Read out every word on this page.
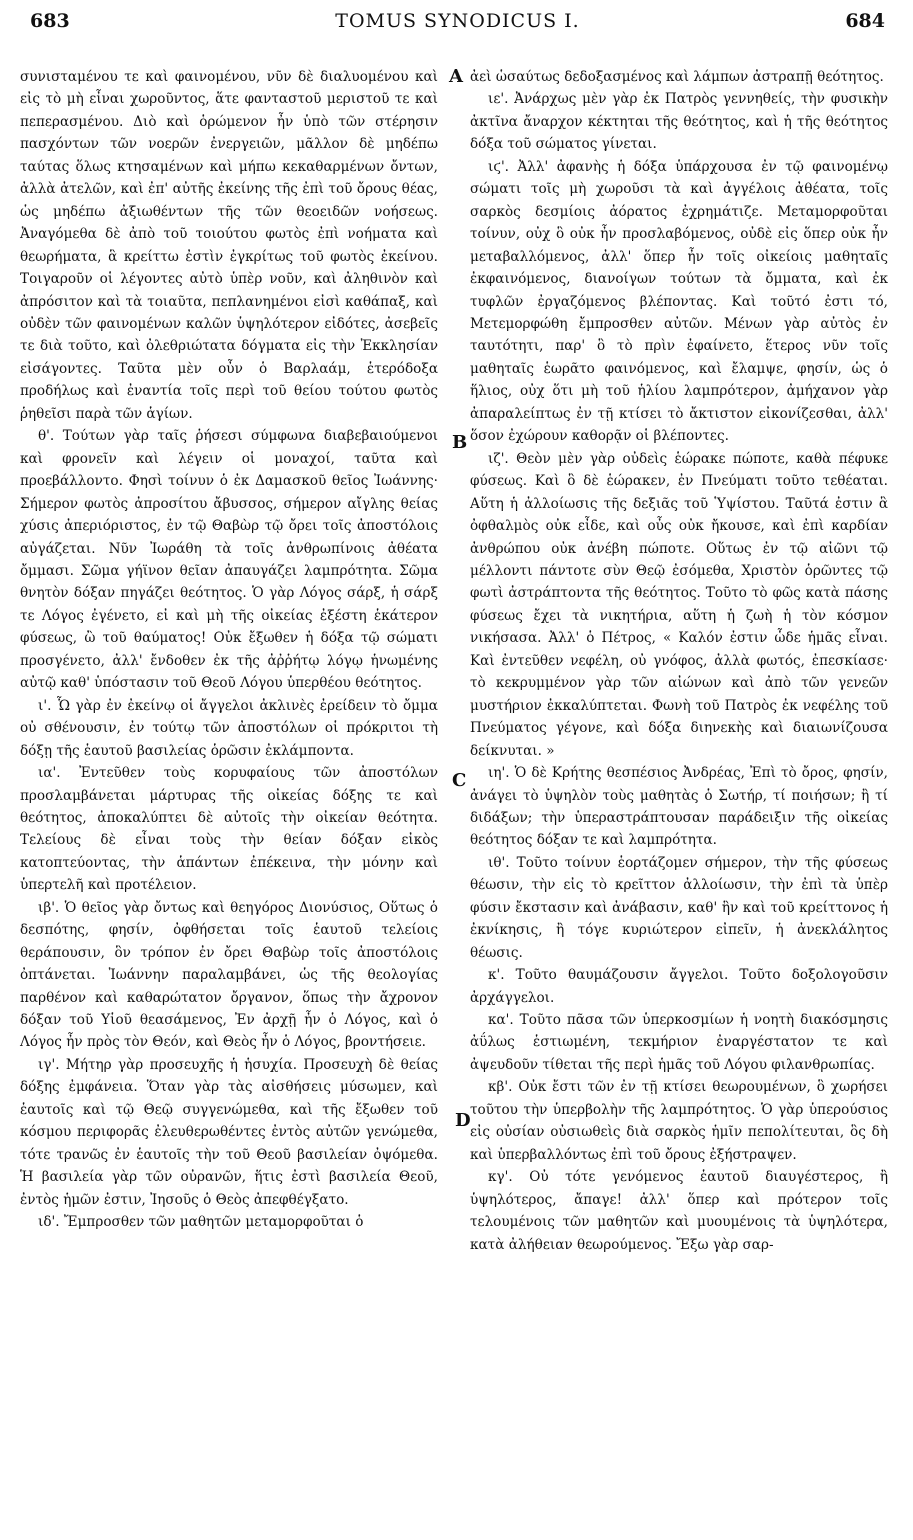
683	TOMUS SYNODICUS I.	684

συνισταμένου τε καὶ φαινομένου, νῦν δὲ διαλυομένου καὶ εἰς τὸ μὴ εἶναι χωροῦντος, ἅτε φανταστοῦ μεριστοῦ τε καὶ πεπερασμένου. Διὸ καὶ ὁρώμενον ἦν ὑπὸ τῶν στέρησιν πασχόντων τῶν νοερῶν ἐνεργειῶν, μᾶλλον δὲ μηδέπω ταύτας ὅλως κτησαμένων καὶ μήπω κεκαθαρμένων ὄντων, ἀλλὰ ἀτελῶν, καὶ ἐπ' αὐτῆς ἐκείνης τῆς ἐπὶ τοῦ ὄρους θέας, ὡς μηδέπω ἀξιωθέντων τῆς τῶν θεοειδῶν νοήσεως. Ἀναγόμεθα δὲ ἀπὸ τοῦ τοιούτου φωτὸς ἐπὶ νοήματα καὶ θεωρήματα, ἃ κρείττω ἐστὶν ἐγκρίτως τοῦ φωτὸς ἐκείνου. Τοιγαροῦν οἱ λέγοντες αὐτὸ ὑπὲρ νοῦν, καὶ ἀληθινὸν καὶ ἀπρόσιτον καὶ τὰ τοιαῦτα, πεπλανημένοι εἰσὶ καθάπαξ, καὶ οὐδὲν τῶν φαινομένων καλῶν ὑψηλότερον εἰδότες, ἀσεβεῖς τε διὰ τοῦτο, καὶ ὀλεθριώτατα δόγματα εἰς τὴν Ἐκκλησίαν εἰσάγοντες. Ταῦτα μὲν οὖν ὁ Βαρλαάμ, ἑτερόδοξα προδήλως καὶ ἐναντία τοῖς περὶ τοῦ θείου τούτου φωτὸς ῥηθεῖσι παρὰ τῶν ἁγίων.

θ'. Τούτων γὰρ ταῖς ῥήσεσι σύμφωνα διαβεβαιούμενοι καὶ φρονεῖν καὶ λέγειν οἱ μοναχοί, ταῦτα καὶ προεβάλλοντο. Φησὶ τοίνυν ὁ ἐκ Δαμασκοῦ θεῖος Ἰωάννης· Σήμερον φωτὸς ἀπροσίτου ἄβυσσος, σήμερον αἴγλης θείας χύσις ἀπεριόριστος, ἐν τῷ Θαβὼρ τῷ ὄρει τοῖς ἀποστόλοις αὐγάζεται. Νῦν Ἰωράθη τὰ τοῖς ἀνθρωπίνοις ἀθέατα ὄμμασι. Σῶμα γήϊνον θεῖαν ἀπαυγάζει λαμπρότητα. Σῶμα θνητὸν δόξαν πηγάζει θεότητος. Ὁ γὰρ Λόγος σάρξ, ἡ σάρξ τε Λόγος ἐγένετο, εἰ καὶ μὴ τῆς οἰκείας ἐξέστη ἑκάτερον φύσεως, ὢ τοῦ θαύματος! Οὐκ ἔξωθεν ἡ δόξα τῷ σώματι προσγένετο, ἀλλ' ἔνδοθεν ἐκ τῆς ἀῤῥήτῳ λόγῳ ἡνωμένης αὐτῷ καθ' ὑπόστασιν τοῦ Θεοῦ Λόγου ὑπερθέου θεότητος.

ι'. Ὧ γὰρ ἐν ἐκείνῳ οἱ ἄγγελοι ἀκλινὲς ἐρείδειν τὸ ὄμμα οὐ σθένουσιν, ἐν τούτῳ τῶν ἀποστόλων οἱ πρόκριτοι τὴ δόξῃ τῆς ἑαυτοῦ βασιλείας ὁρῶσιν ἐκλάμποντα.

ια'. Ἐντεῦθεν τοὺς κορυφαίους τῶν ἀποστόλων προσλαμβάνεται μάρτυρας τῆς οἰκείας δόξης τε καὶ θεότητος, ἀποκαλύπτει δὲ αὐτοῖς τὴν οἰκείαν θεότητα. Τελείους δὲ εἶναι τοὺς τὴν θείαν δόξαν εἰκὸς κατοπτεύοντας, τὴν ἁπάντων ἐπέκεινα, τὴν μόνην καὶ ὑπερτελῆ καὶ προτέλειον.

ιβ'. Ὁ θεῖος γὰρ ὄντως καὶ θεηγόρος Διονύσιος, Οὕτως ὁ δεσπότης, φησίν, ὀφθήσεται τοῖς ἑαυτοῦ τελείοις θεράπουσιν, ὃν τρόπον ἐν ὄρει Θαβὼρ τοῖς ἀποστόλοις ὀπτάνεται. Ἰωάννην παραλαμβάνει, ὡς τῆς θεολογίας παρθένον καὶ καθαρώτατον ὄργανον, ὅπως τὴν ἄχρονον δόξαν τοῦ Υἱοῦ θεασάμενος, Ἐν ἀρχῇ ἦν ὁ Λόγος, καὶ ὁ Λόγος ἦν πρὸς τὸν Θεόν, καὶ Θεὸς ἦν ὁ Λόγος, βροντήσειε.

ιγ'. Μήτηρ γὰρ προσευχῆς ἡ ἡσυχία. Προσευχὴ δὲ θείας δόξης ἐμφάνεια. Ὅταν γὰρ τὰς αἰσθήσεις μύσωμεν, καὶ ἑαυτοῖς καὶ τῷ Θεῷ συγγενώμεθα, καὶ τῆς ἔξωθεν τοῦ κόσμου περιφορᾶς ἐλευθερωθέντες ἐντὸς αὐτῶν γενώμεθα, τότε τρανῶς ἐν ἑαυτοῖς τὴν τοῦ Θεοῦ βασιλείαν ὀψόμεθα. Ἡ βασιλεία γὰρ τῶν οὐρανῶν, ἥτις ἐστὶ βασιλεία Θεοῦ, ἐντὸς ἡμῶν ἐστιν, Ἰησοῦς ὁ Θεὸς ἀπεφθέγξατο.

ιδ'. Ἔμπροσθεν τῶν μαθητῶν μεταμορφοῦται ὁ

ἀεὶ ὡσαύτως δεδοξασμένος καὶ λάμπων ἀστραπῇ θεότητος.

ιε'. Ἀνάρχως μὲν γὰρ ἐκ Πατρὸς γεννηθείς, τὴν φυσικὴν ἀκτῖνα ἄναρχον κέκτηται τῆς θεότητος, καὶ ἡ τῆς θεότητος δόξα τοῦ σώματος γίνεται.

ιϛ'. Ἀλλ' ἀφανὴς ἡ δόξα ὑπάρχουσα ἐν τῷ φαινομένῳ σώματι τοῖς μὴ χωροῦσι τὰ καὶ ἀγγέλοις ἀθέατα, τοῖς σαρκὸς δεσμίοις ἀόρατος ἐχρημάτιζε. Μεταμορφοῦται τοίνυν, οὐχ ὃ οὐκ ἦν προσλαβόμενος, οὐδὲ εἰς ὅπερ οὐκ ἦν μεταβαλλόμενος, ἀλλ' ὅπερ ἦν τοῖς οἰκείοις μαθηταῖς ἐκφαινόμενος, διανοίγων τούτων τὰ ὄμματα, καὶ ἐκ τυφλῶν ἐργαζόμενος βλέποντας. Καὶ τοῦτό ἐστι τό, Μετεμορφώθη ἔμπροσθεν αὐτῶν. Μένων γὰρ αὐτὸς ἐν ταυτότητι, παρ' ὃ τὸ πρὶν ἐφαίνετο, ἕτερος νῦν τοῖς μαθηταῖς ἑωρᾶτο φαινόμενος, καὶ ἔλαμψε, φησίν, ὡς ὁ ἥλιος, οὐχ ὅτι μὴ τοῦ ἡλίου λαμπρότερον, ἀμήχανον γὰρ ἀπαραλείπτως ἐν τῇ κτίσει τὸ ἄκτιστον εἰκονίζεσθαι, ἀλλ' ὅσον ἐχώρουν καθορᾷν οἱ βλέποντες.

ιζ'. Θεὸν μὲν γὰρ οὐδεὶς ἑώρακε πώποτε, καθὰ πέφυκε φύσεως. Καὶ ὃ δὲ ἑώρακεν, ἐν Πνεύματι τοῦτο τεθέαται. Αὕτη ἡ ἀλλοίωσις τῆς δεξιᾶς τοῦ Ὑψίστου. Ταῦτά ἐστιν ἃ ὀφθαλμὸς οὐκ εἶδε, καὶ οὖς οὐκ ἤκουσε, καὶ ἐπὶ καρδίαν ἀνθρώπου οὐκ ἀνέβη πώποτε. Οὕτως ἐν τῷ αἰῶνι τῷ μέλλοντι πάντοτε σὺν Θεῷ ἐσόμεθα, Χριστὸν ὁρῶντες τῷ φωτὶ ἀστράπτοντα τῆς θεότητος. Τοῦτο τὸ φῶς κατὰ πάσης φύσεως ἔχει τὰ νικητήρια, αὕτη ἡ ζωὴ ἡ τὸν κόσμον νικήσασα. Ἀλλ' ὁ Πέτρος, « Καλόν ἐστιν ὧδε ἡμᾶς εἶναι. Καὶ ἐντεῦθεν νεφέλη, οὐ γνόφος, ἀλλὰ φωτός, ἐπεσκίασε· τὸ κεκρυμμένον γὰρ τῶν αἰώνων καὶ ἀπὸ τῶν γενεῶν μυστήριον ἐκκαλύπτεται. Φωνὴ τοῦ Πατρὸς ἐκ νεφέλης τοῦ Πνεύματος γέγονε, καὶ δόξα διηνεκὴς καὶ διαιωνίζουσα δείκνυται. »

ιη'. Ὁ δὲ Κρήτης θεσπέσιος Ἀνδρέας, Ἐπὶ τὸ ὄρος, φησίν, ἀνάγει τὸ ὑψηλὸν τοὺς μαθητὰς ὁ Σωτήρ, τί ποιήσων; ἢ τί διδάξων; τὴν ὑπεραστράπτουσαν παράδειξιν τῆς οἰκείας θεότητος δόξαν τε καὶ λαμπρότητα.

ιθ'. Τοῦτο τοίνυν ἑορτάζομεν σήμερον, τὴν τῆς φύσεως θέωσιν, τὴν εἰς τὸ κρεῖττον ἀλλοίωσιν, τὴν ἐπὶ τὰ ὑπὲρ φύσιν ἔκστασιν καὶ ἀνάβασιν, καθ' ἣν καὶ τοῦ κρείττονος ἡ ἐκνίκησις, ἢ τόγε κυριώτερον εἰπεῖν, ἡ ἀνεκλάλητος θέωσις.

κ'. Τοῦτο θαυμάζουσιν ἄγγελοι. Τοῦτο δοξολογοῦσιν ἀρχάγγελοι.

κα'. Τοῦτο πᾶσα τῶν ὑπερκοσμίων ἡ νοητὴ διακόσμησις ἀΰλως ἑστιωμένη, τεκμήριον ἐναργέστατον τε καὶ ἀψευδοῦν τίθεται τῆς περὶ ἡμᾶς τοῦ Λόγου φιλανθρωπίας.

κβ'. Οὐκ ἔστι τῶν ἐν τῇ κτίσει θεωρουμένων, ὃ χωρήσει τοῦτου τὴν ὑπερβολὴν τῆς λαμπρότητος. Ὁ γὰρ ὑπερούσιος εἰς οὐσίαν οὐσιωθεὶς διὰ σαρκὸς ἡμῖν πεπολίτευται, ὃς δὴ καὶ ὑπερβαλλόντως ἐπὶ τοῦ ὄρους ἐξήστραψεν.

κγ'. Οὐ τότε γενόμενος ἑαυτοῦ διαυγέστερος, ἢ ὑψηλότερος, ἄπαγε! ἀλλ' ὅπερ καὶ πρότερον τοῖς τελουμένοις τῶν μαθητῶν καὶ μυουμένοις τὰ ὑψηλότερα, κατὰ ἀλήθειαν θεωρούμενος. Ἔξω γὰρ σαρ-

A
B
C
D
